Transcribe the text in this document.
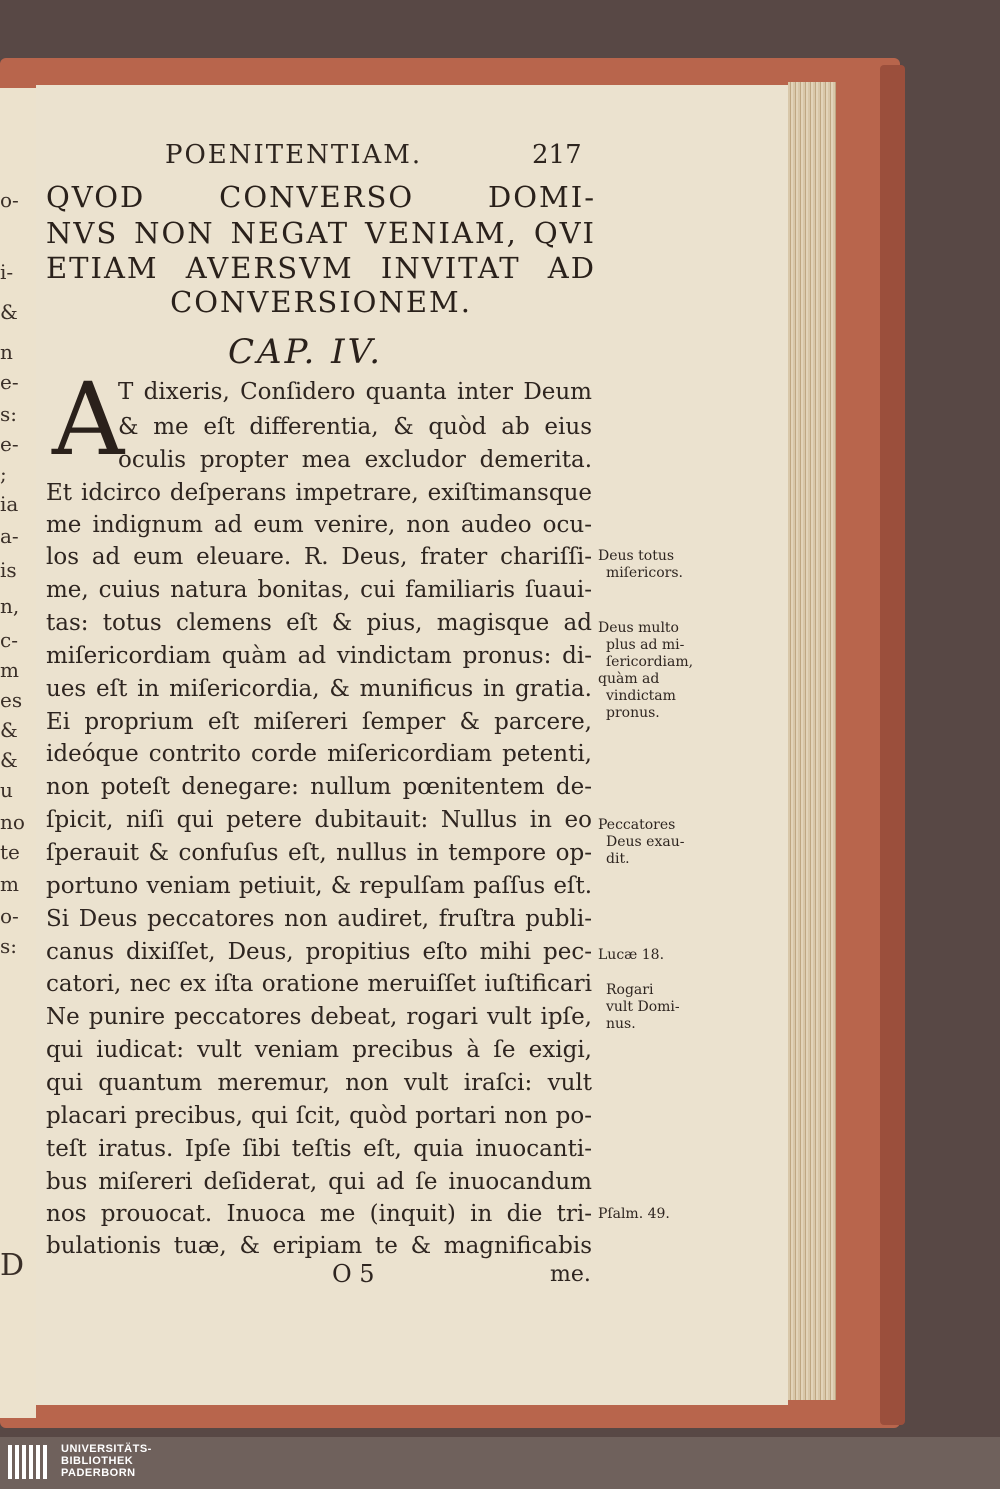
o-
i-
&
n
e-
s:
e-
;
ia
a-
is
n,
c-
m
es
&
&
u
no
te
m
o-
s:
D
POENITENTIAM.	217
QVOD CONVERSO DOMI-
NVS NON NEGAT VENIAM, QVI
ETIAM AVERSVM INVITAT AD
CONVERSIONEM.
CAP. IV.
A
T dixeris, Conſidero quanta inter Deum
& me eſt differentia, & quòd ab eius
oculis propter mea excludor demerita.
Et idcirco deſperans impetrare, exiſtimansque
me indignum ad eum venire, non audeo ocu-
los ad eum eleuare. R. Deus, frater chariſſi-
me, cuius natura bonitas, cui familiaris ſuaui-
tas: totus clemens eſt & pius, magisque ad
miſericordiam quàm ad vindictam pronus: di-
ues eſt in miſericordia, & munificus in gratia.
Ei proprium eſt miſereri ſemper & parcere,
ideóque contrito corde miſericordiam petenti,
non poteſt denegare: nullum pœnitentem de-
ſpicit, niſi qui petere dubitauit: Nullus in eo
ſperauit & confuſus eſt, nullus in tempore op-
portuno veniam petiuit, & repulſam paſſus eſt.
Si Deus peccatores non audiret, fruſtra publi-
canus dixiſſet, Deus, propitius eſto mihi pec-
catori, nec ex iſta oratione meruiſſet iuſtificari
Ne punire peccatores debeat, rogari vult ipſe,
qui iudicat: vult veniam precibus à ſe exigi,
qui quantum meremur, non vult iraſci: vult
placari precibus, qui ſcit, quòd portari non po-
teſt iratus. Ipſe ſibi teſtis eſt, quia inuocanti-
bus miſereri deſiderat, qui ad ſe inuocandum
nos prouocat. Inuoca me (inquit) in die tri-
bulationis tuæ, & eripiam te & magnificabis
Deus totus
miſericors.
Deus multo
plus ad mi-
ſericordiam,
quàm ad
vindictam
pronus.
Peccatores
Deus exau-
dit.
Lucæ 18.
Rogari
vult Domi-
nus.
Pſalm. 49.
O 5	me.
UNIVERSITÄTS-
BIBLIOTHEK
PADERBORN
